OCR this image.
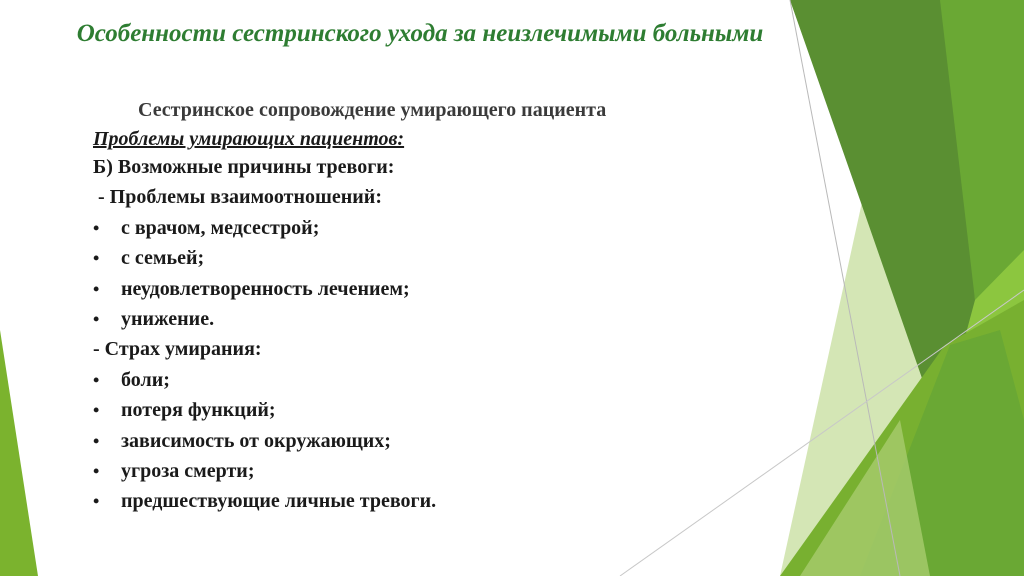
Особенности сестринского ухода за неизлечимыми больными
Сестринское сопровождение умирающего пациента
Проблемы умирающих пациентов:
Б) Возможные причины тревоги:
- Проблемы взаимоотношений:
•	с врачом, медсестрой;
•	с семьей;
•	неудовлетворенность лечением;
•	унижение.
- Страх умирания:
•	боли;
•	потеря функций;
•	зависимость от окружающих;
•	угроза смерти;
•	предшествующие личные тревоги.
